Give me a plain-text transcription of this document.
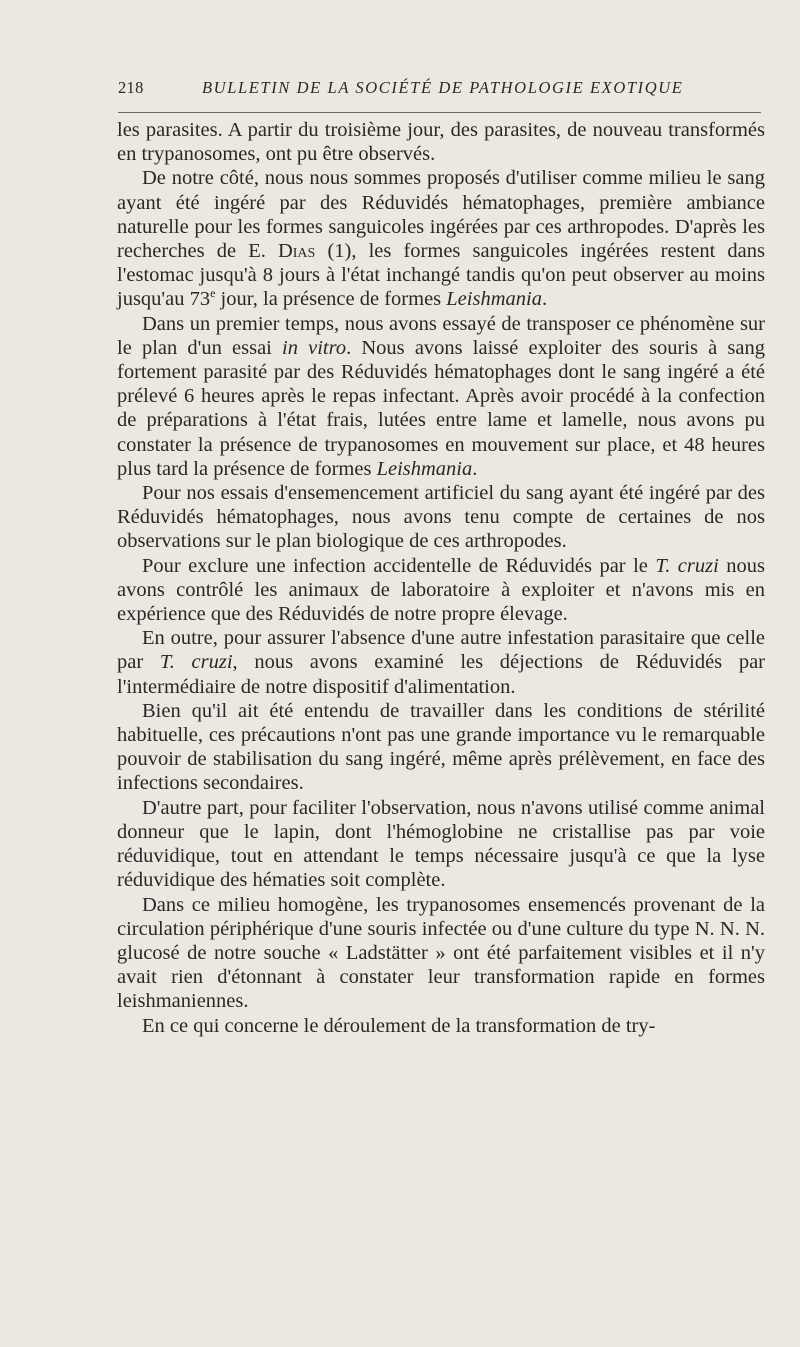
218	BULLETIN DE LA SOCIÉTÉ DE PATHOLOGIE EXOTIQUE

les parasites. A partir du troisième jour, des parasites, de nouveau transformés en trypanosomes, ont pu être observés.

De notre côté, nous nous sommes proposés d'utiliser comme milieu le sang ayant été ingéré par des Réduvidés hématophages, première ambiance naturelle pour les formes sanguicoles ingérées par ces arthropodes. D'après les recherches de E. Dias (1), les formes sanguicoles ingérées restent dans l'estomac jusqu'à 8 jours à l'état inchangé tandis qu'on peut observer au moins jusqu'au 73e jour, la présence de formes Leishmania.

Dans un premier temps, nous avons essayé de transposer ce phénomène sur le plan d'un essai in vitro. Nous avons laissé exploiter des souris à sang fortement parasité par des Réduvidés hématophages dont le sang ingéré a été prélevé 6 heures après le repas infectant. Après avoir procédé à la confection de préparations à l'état frais, lutées entre lame et lamelle, nous avons pu constater la présence de trypanosomes en mouvement sur place, et 48 heures plus tard la présence de formes Leishmania.

Pour nos essais d'ensemencement artificiel du sang ayant été ingéré par des Réduvidés hématophages, nous avons tenu compte de certaines de nos observations sur le plan biologique de ces arthropodes.

Pour exclure une infection accidentelle de Réduvidés par le T. cruzi nous avons contrôlé les animaux de laboratoire à exploiter et n'avons mis en expérience que des Réduvidés de notre propre élevage.

En outre, pour assurer l'absence d'une autre infestation parasitaire que celle par T. cruzi, nous avons examiné les déjections de Réduvidés par l'intermédiaire de notre dispositif d'alimentation.

Bien qu'il ait été entendu de travailler dans les conditions de stérilité habituelle, ces précautions n'ont pas une grande importance vu le remarquable pouvoir de stabilisation du sang ingéré, même après prélèvement, en face des infections secondaires.

D'autre part, pour faciliter l'observation, nous n'avons utilisé comme animal donneur que le lapin, dont l'hémoglobine ne cristallise pas par voie réduvidique, tout en attendant le temps nécessaire jusqu'à ce que la lyse réduvidique des hématies soit complète.

Dans ce milieu homogène, les trypanosomes ensemencés provenant de la circulation périphérique d'une souris infectée ou d'une culture du type N. N. N. glucosé de notre souche « Ladstätter » ont été parfaitement visibles et il n'y avait rien d'étonnant à constater leur transformation rapide en formes leishmaniennes.

En ce qui concerne le déroulement de la transformation de try-
